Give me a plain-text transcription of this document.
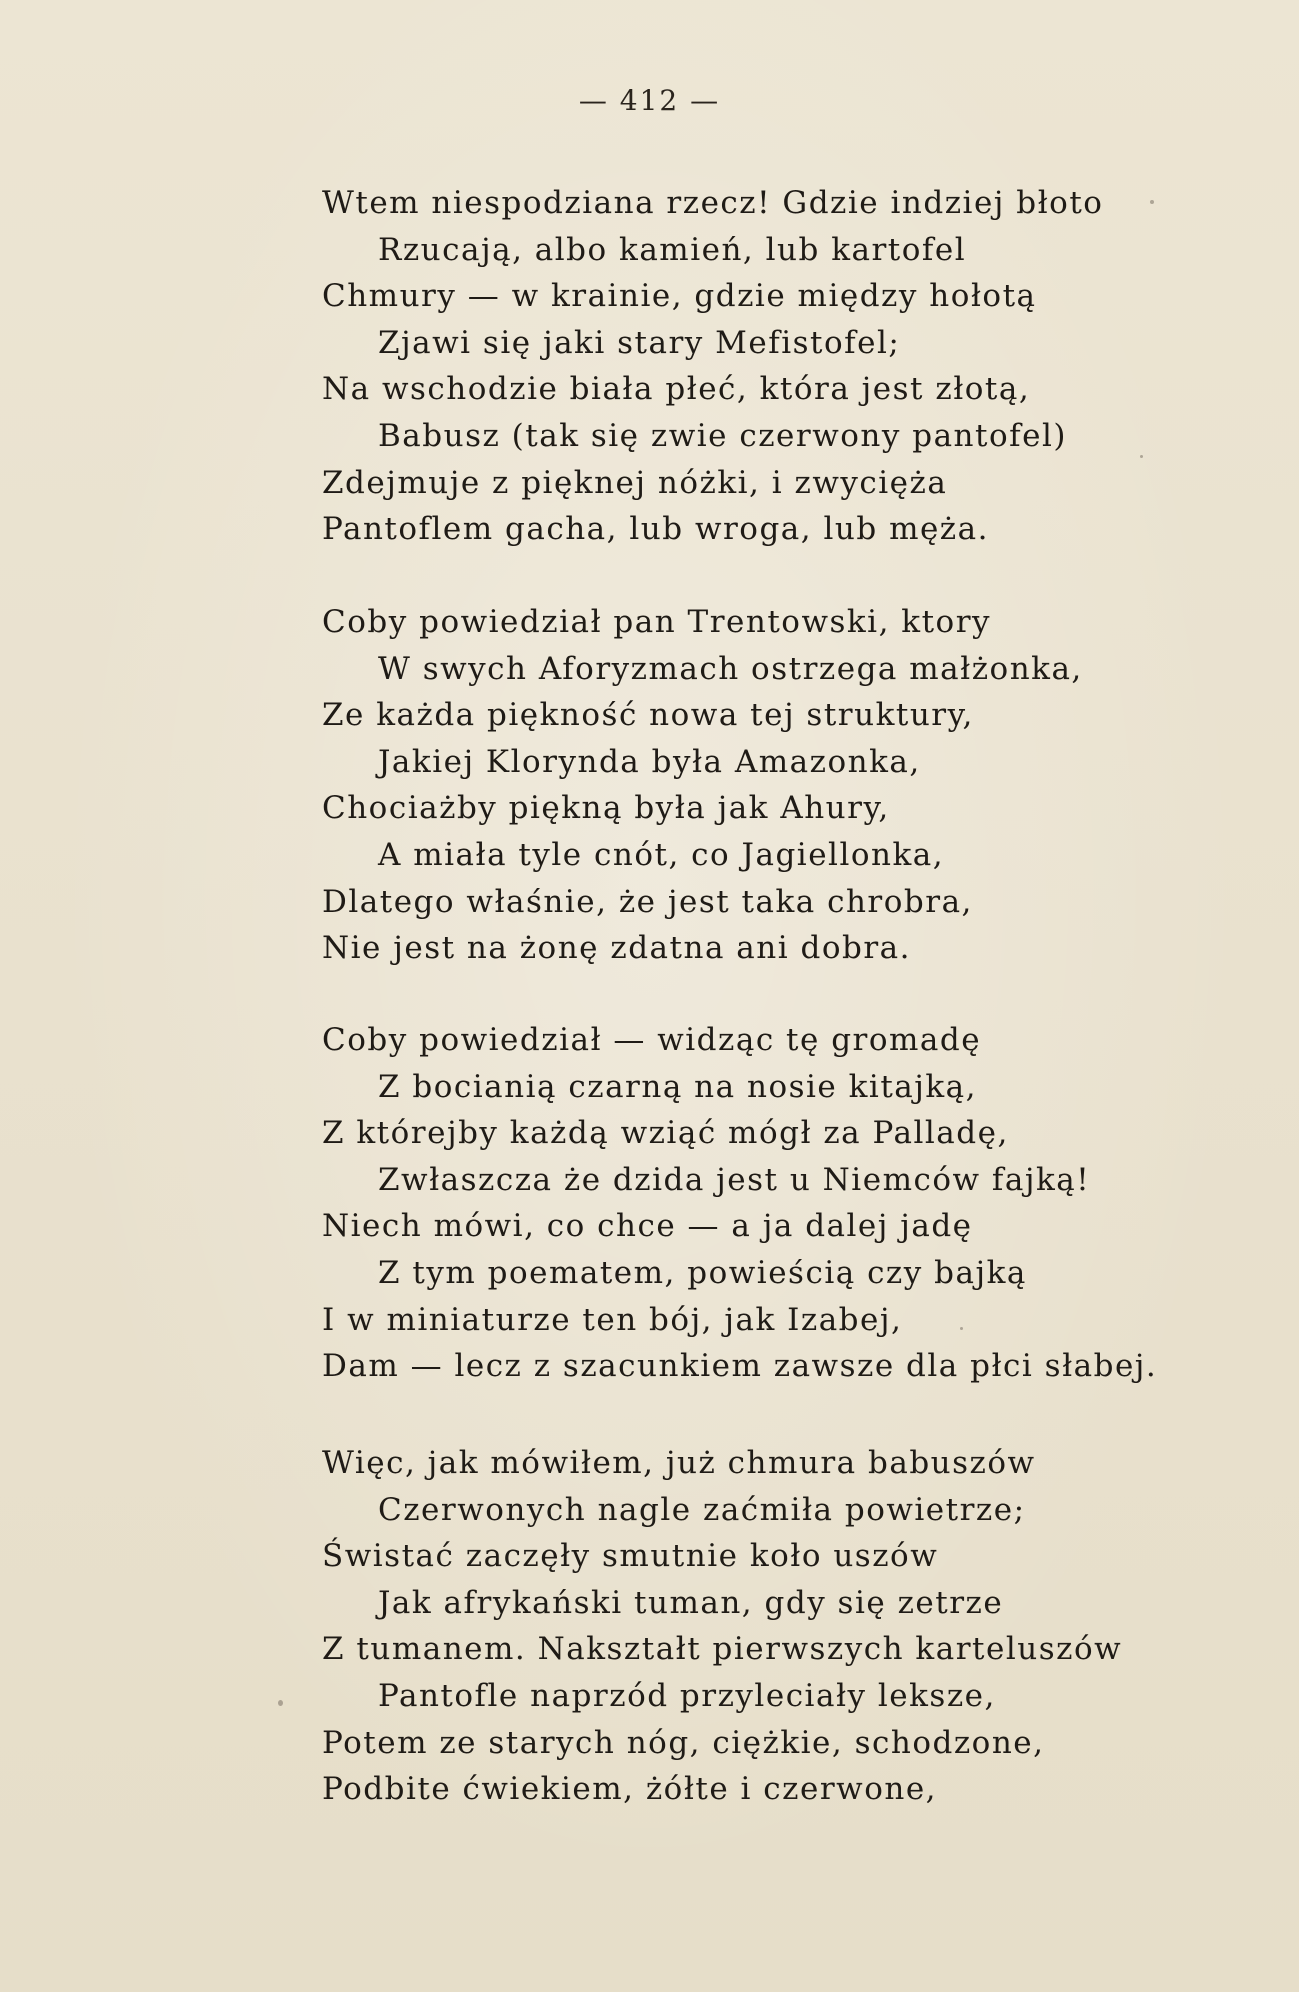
— 412 —
Wtem niespodziana rzecz! Gdzie indziej błoto
Rzucają, albo kamień, lub kartofel
Chmury — w krainie, gdzie między hołotą
Zjawi się jaki stary Mefistofel;
Na wschodzie biała płeć, która jest złotą,
Babusz (tak się zwie czerwony pantofel)
Zdejmuje z pięknej nóżki, i zwycięża
Pantoflem gacha, lub wroga, lub męża.
Coby powiedział pan Trentowski, ktory
W swych Aforyzmach ostrzega małżonka,
Ze każda piękność nowa tej struktury,
Jakiej Klorynda była Amazonka,
Chociażby piękną była jak Ahury,
A miała tyle cnót, co Jagiellonka,
Dlatego właśnie, że jest taka chrobra,
Nie jest na żonę zdatna ani dobra.
Coby powiedział — widząc tę gromadę
Z bocianią czarną na nosie kitajką,
Z którejby każdą wziąć mógł za Palladę,
Zwłaszcza że dzida jest u Niemców fajką!
Niech mówi, co chce — a ja dalej jadę
Z tym poematem, powieścią czy bajką
I w miniaturze ten bój, jak Izabej,
Dam — lecz z szacunkiem zawsze dla płci słabej.
Więc, jak mówiłem, już chmura babuszów
Czerwonych nagle zaćmiła powietrze;
Świstać zaczęły smutnie koło uszów
Jak afrykański tuman, gdy się zetrze
Z tumanem. Nakształt pierwszych karteluszów
Pantofle naprzód przyleciały leksze,
Potem ze starych nóg, ciężkie, schodzone,
Podbite ćwiekiem, żółte i czerwone,
